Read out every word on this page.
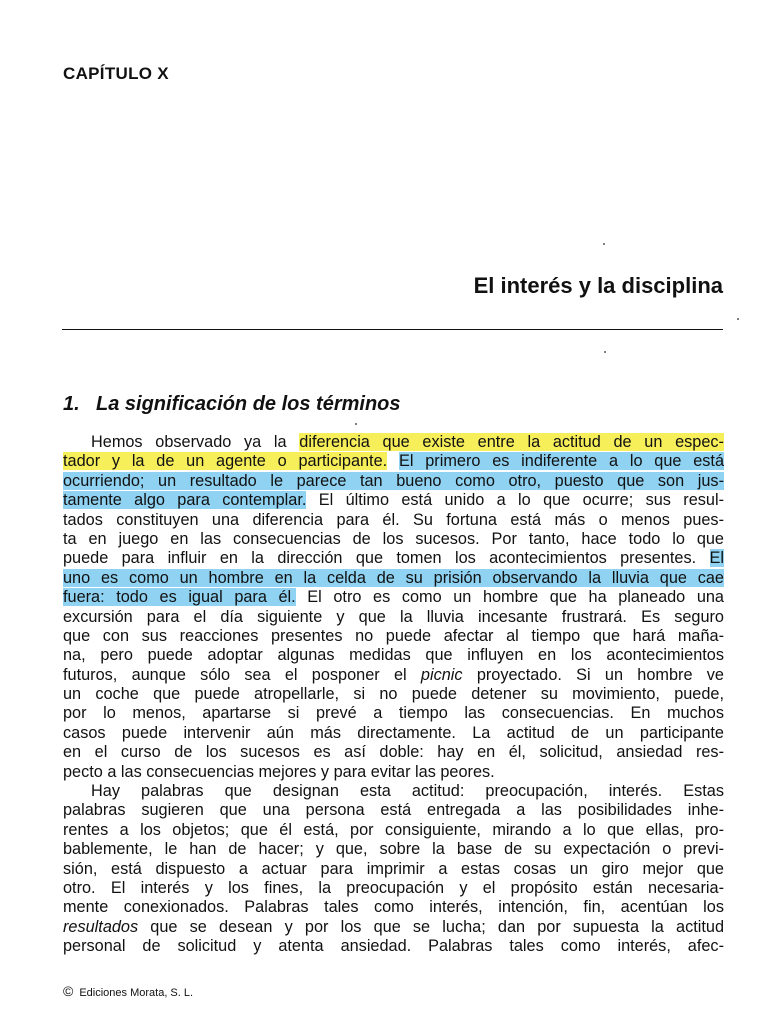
CAPÍTULO X
El interés y la disciplina
1. La significación de los términos
Hemos observado ya la diferencia que existe entre la actitud de un espec-
tador y la de un agente o participante. El primero es indiferente a lo que está
ocurriendo; un resultado le parece tan bueno como otro, puesto que son jus-
tamente algo para contemplar. El último está unido a lo que ocurre; sus resul-
tados constituyen una diferencia para él. Su fortuna está más o menos pues-
ta en juego en las consecuencias de los sucesos. Por tanto, hace todo lo que
puede para influir en la dirección que tomen los acontecimientos presentes. El
uno es como un hombre en la celda de su prisión observando la lluvia que cae
fuera: todo es igual para él. El otro es como un hombre que ha planeado una
excursión para el día siguiente y que la lluvia incesante frustrará. Es seguro
que con sus reacciones presentes no puede afectar al tiempo que hará maña-
na, pero puede adoptar algunas medidas que influyen en los acontecimientos
futuros, aunque sólo sea el posponer el picnic proyectado. Si un hombre ve
un coche que puede atropellarle, si no puede detener su movimiento, puede,
por lo menos, apartarse si prevé a tiempo las consecuencias. En muchos
casos puede intervenir aún más directamente. La actitud de un participante
en el curso de los sucesos es así doble: hay en él, solicitud, ansiedad res-
pecto a las consecuencias mejores y para evitar las peores.
Hay palabras que designan esta actitud: preocupación, interés. Estas
palabras sugieren que una persona está entregada a las posibilidades inhe-
rentes a los objetos; que él está, por consiguiente, mirando a lo que ellas, pro-
bablemente, le han de hacer; y que, sobre la base de su expectación o previ-
sión, está dispuesto a actuar para imprimir a estas cosas un giro mejor que
otro. El interés y los fines, la preocupación y el propósito están necesaria-
mente conexionados. Palabras tales como interés, intención, fin, acentúan los
resultados que se desean y por los que se lucha; dan por supuesta la actitud
personal de solicitud y atenta ansiedad. Palabras tales como interés, afec-
© Ediciones Morata, S. L.
